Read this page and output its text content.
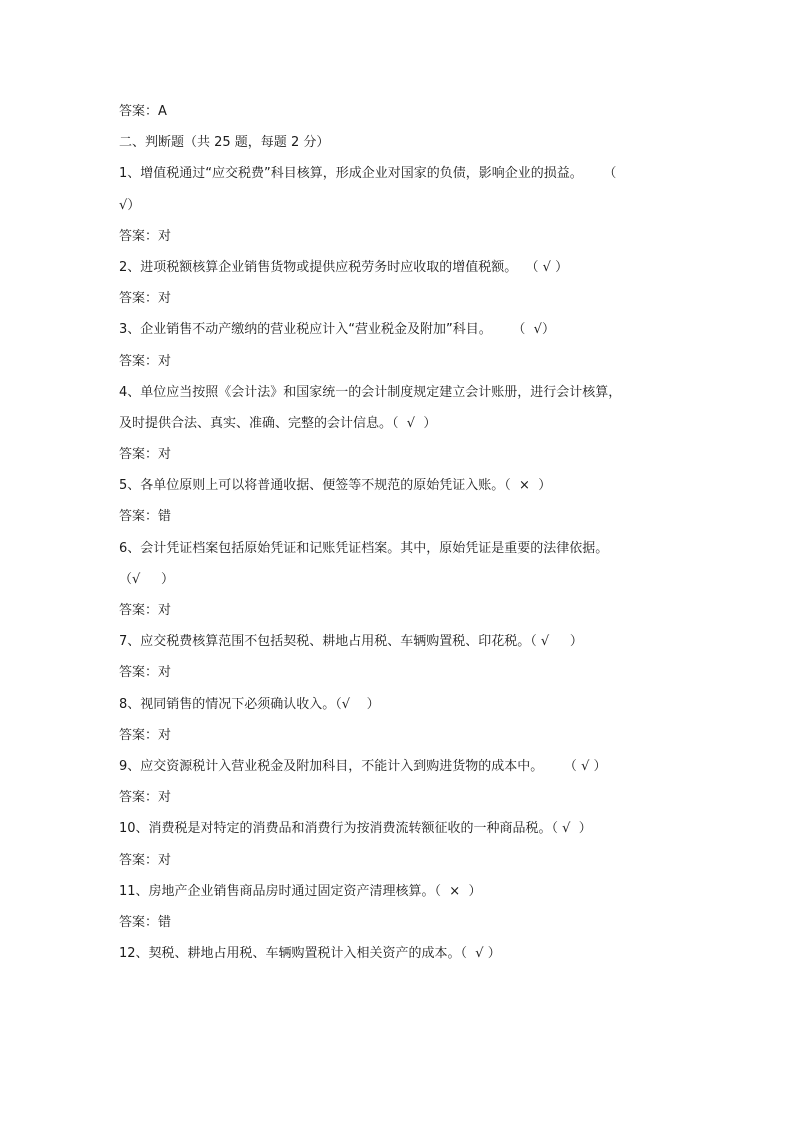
答案：A
二、判断题（共 25 题，每题 2 分）
1、增值税通过“应交税费”科目核算，形成企业对国家的负债，影响企业的损益。     （
√）
答案：对
2、进项税额核算企业销售货物或提供应税劳务时应收取的增值税额。  （ √ ）
答案：对
3、企业销售不动产缴纳的营业税应计入“营业税金及附加”科目。     （  √）
答案：对
4、单位应当按照《会计法》和国家统一的会计制度规定建立会计账册，进行会计核算，
及时提供合法、真实、准确、完整的会计信息。（  √  ）
答案：对
5、各单位原则上可以将普通收据、便签等不规范的原始凭证入账。（  ×  ）
答案：错
6、会计凭证档案包括原始凭证和记账凭证档案。其中，原始凭证是重要的法律依据。
（√     ）
答案：对
7、应交税费核算范围不包括契税、耕地占用税、车辆购置税、印花税。（ √     ）
答案：对
8、视同销售的情况下必须确认收入。（√    ）
答案：对
9、应交资源税计入营业税金及附加科目，不能计入到购进货物的成本中。     （ √ ）
答案：对
10、消费税是对特定的消费品和消费行为按消费流转额征收的一种商品税。（ √  ）
答案：对
11、房地产企业销售商品房时通过固定资产清理核算。（  ×  ）
答案：错
12、契税、耕地占用税、车辆购置税计入相关资产的成本。（  √ ）
